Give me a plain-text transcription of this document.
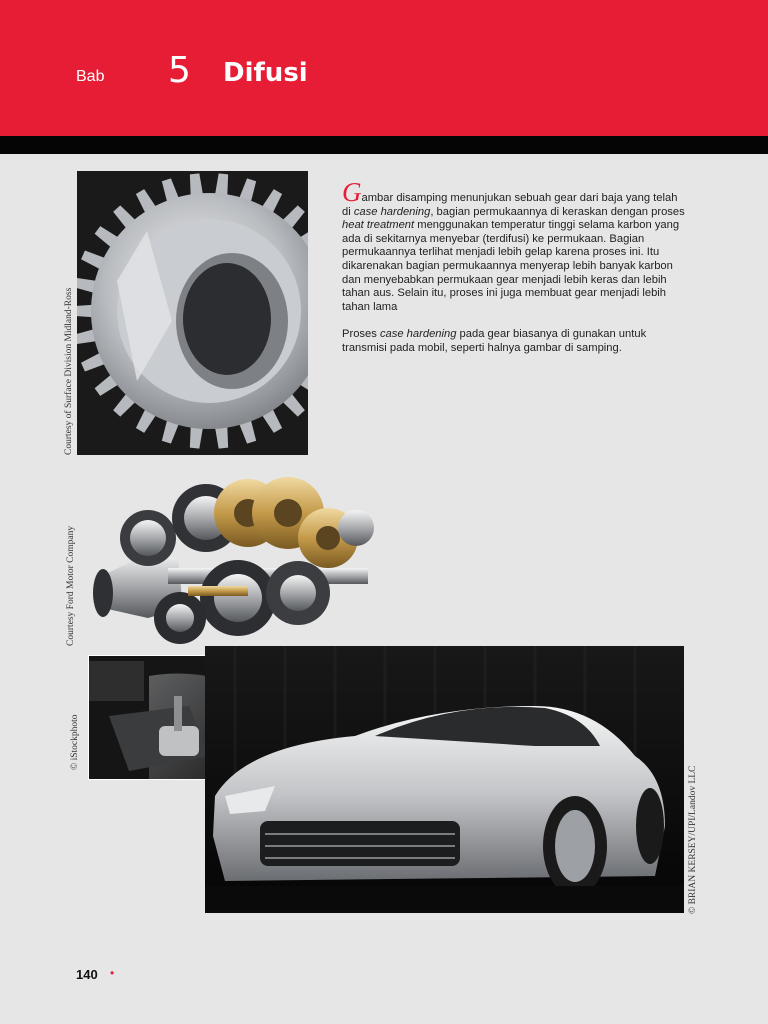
Bab 5 Difusi
Courtesy of Surface Division Midland-Ross

Gambar disamping menunjukan sebuah gear dari baja yang telah di case hardening, bagian permukaannya di keraskan dengan proses heat treatment menggunakan temperatur tinggi selama karbon yang ada di sekitarnya menyebar (terdifusi) ke permukaan. Bagian permukaannya terlihat menjadi lebih gelap karena proses ini. Itu dikarenakan bagian permukaannya menyerap lebih banyak karbon dan menyebabkan permukaan gear menjadi lebih keras dan lebih tahan aus. Selain itu, proses ini juga membuat gear menjadi lebih tahan lama

Proses case hardening pada gear biasanya di gunakan untuk transmisi pada mobil, seperti halnya gambar di samping.

Courtesy Ford Motor Company
© iStockphoto
© BRIAN KERSEY/UPI/Landov LLC
140 •
